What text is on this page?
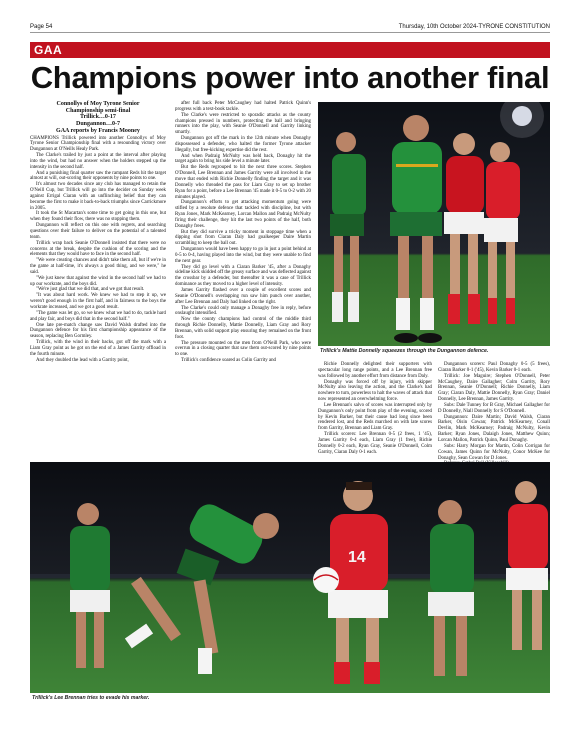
Page 54	Thursday, 10th October 2024-TYRONE CONSTITUTION
GAA
Champions power into another final
Connollys of Moy Tyrone Senior
Championship semi-final
Trillick…0-17
Dungannon…0-7
GAA reports by Francis Mooney

CHAMPIONS Trillick powered into another Connollys of Moy Tyrone Senior Championship final with a resounding victory over Dungannon at O'Neills Healy Park.

The Clarke's trailed by just a point at the interval after playing into the wind, but had no answer when the holders stepped up the intensity in the second half.

And a punishing final quarter saw the rampant Reds hit the target almost at will, out-scoring their opponents by nine points to one.

It's almost two decades since any club has managed to retain the O'Neill Cup, but Trillick will go into the decider on Sunday week against Errigal Ciaran with an unflinching belief that they can become the first to make it back-to-back triumphs since Carrickmore in 2005.

It took the St Macartan's some time to get going in this one, but when they found their flow, there was no stopping them.

Dungannon will reflect on this one with regrets, and searching questions over their failure to deliver on the potential of a talented team.

Trillick wrap back Seanie O'Donnell insisted that there were no concerns at the break, despite the cushion of the scoring and the elements that they would have to face in the second half.

"We were creating chances and didn't take them all, but if we're in the game at half-time, it's always a good thing, and we were," he said.

"We just knew that against the wind in the second half we had to up our workrate, and the boys did.

"We're just glad that we did that, and we got that result.

"It was about hard work. We knew we had to step it up, we weren't good enough in the first half, and in fairness to the boys the workrate increased, and we got a good result.

"The game was let go, so we knew what we had to do, tackle hard and play fair, and boys did that in the second half."

One late pre-match change saw David Walsh drafted into the Dungannon defence for his first championship appearance of the season, replacing Ben Gormley.

Trillick, with the wind in their backs, got off the mark with a Liam Gray point as he got on the end of a James Garrity offload in the fourth minute.

And they doubled the lead with a Garrity point,

after full back Peter McCaughey had halted Patrick Quinn's progress with a text-book tackle.

The Clarke's were restricted to sporadic attacks as the county champions pressed in numbers, protecting the ball and bringing runners into the play, with Seanie O'Donnell and Garrity linking smartly.

Dungannon got off the mark in the 12th minute when Donaghy dispossessed a defender, who halted the former Tyrone attacker illegally, but free-kicking expertise did the rest.

And when Padraig McNulty was held back, Donaghy hit the target again to bring his side level a minute later.

But the Reds regrouped to hit the next three scores. Stephen O'Donnell, Lee Brennan and James Garrity were all involved in the move that ended with Richie Donnelly finding the target and it was Donnelly who threaded the pass for Liam Gray to set up brother Ryan for a point, before a Lee Brennan '45 made it 0-5 to 0-2 with 20 minutes played.

Dungannon's efforts to get attacking momentum going were stifled by a resolute defence that tackled with discipline, but with Ryan Jones, Mark McKearney, Lorcan Mallon and Padraig McNulty firing their challenge, they hit the last two points of the half, both Donaghy frees.

But they did survive a tricky moment in stoppage time when a dipping shot from Ciaran Daly had goalkeeper Daire Martin scrambling to keep the ball out.

Dungannon would have been happy to go in just a point behind at 0-5 to 0-4, having played into the wind, but they were unable to find the next gear.

They did go level with a Ciaran Barker '45, after a Donaghy sideline kick skidded off the greasy surface and was deflected against the crossbar by a defender, but thereafter it was a case of Trillick dominance as they moved to a higher level of intensity.

James Garrity flashed over a couple of excellent scores and Seanie O'Donnell's overlapping run saw him punch over another, after Lee Brennan and Daly had linked on the right.

The Clarke's could only manage a Donaghy free in reply, before onslaught intensified.

Now the county champions had control of the middle third through Richie Donnelly, Mattie Donnelly, Liam Gray and Rory Brennan, with solid support play ensuring they remained on the front foot.

The pressure mounted on the men from O'Neill Park, who were overrun in a closing quarter that saw them out-scored by nine points to one.

Trillick's confidence soared as Colin Garrity and

Trillick's Mattie Donnelly squeezes through the Dungannon defence.

Richie Donnelly delighted their supporters with spectacular long range points, and a Lee Brennan free was followed by another effort from distance from Daly.

Donaghy was forced off by injury, with skipper McNulty also leaving the action, and the Clarke's had nowhere to turn, powerless to halt the waves of attack that now represented an overwhelming force.

Lee Brennan's salvo of scores was interrupted only by Dungannon's only point from play of the evening, scored by Kevin Barker, but their cause had long since been rendered lost, and the Reds marched on with late scores from Garrity, Brennan and Liam Gray.

Trillick scorers: Lee Brennan 0-5 (2 frees, 1 '45), James Garrity 0-4 each, Liam Gray (1 free), Richie Donnelly 0-2 each, Ryan Gray, Seanie O'Donnell, Colm Garrity, Ciaran Daly 0-1 each.

Dungannon scorers: Paul Donaghy 0-5 (5 frees), Ciaran Barker 0-1 ('45), Kevin Barker 0-1 each.

Trillick: Joe Maguire; Stephen O'Donnell, Peter McCaughey, Daire Gallagher; Colm Garrity, Rory Brennan, Seanie O'Donnell; Richie Donnelly, Liam Gray; Ciaran Daly, Mattie Donnelly, Ryan Gray; Daniel Donnelly, Lee Brennan, James Garrity.

Subs: Dale Tunney for B Gray, Michael Gallagher for D Donnelly, Niall Donnelly for S O'Donnell.

Dungannon: Daire Martin; David Walsh, Ciaran Barker, Oisin Cowan; Patrick McKearney, Conall Devlin, Mark McKearney; Padraig McNulty, Kevin Barker; Ryan Jones, Dalaigh Jones, Matthew Quinn; Lorcan Mallon, Patrick Quinn, Paul Donaghy.

Subs: Harry Morgan for Martin, Colin Corrigan for Cowan, James Quinn for McNulty, Conor McKee for Donaghy, Sean Cowan for D Jones.

14
Trillick's Lee Brennan tries to evade his marker.
